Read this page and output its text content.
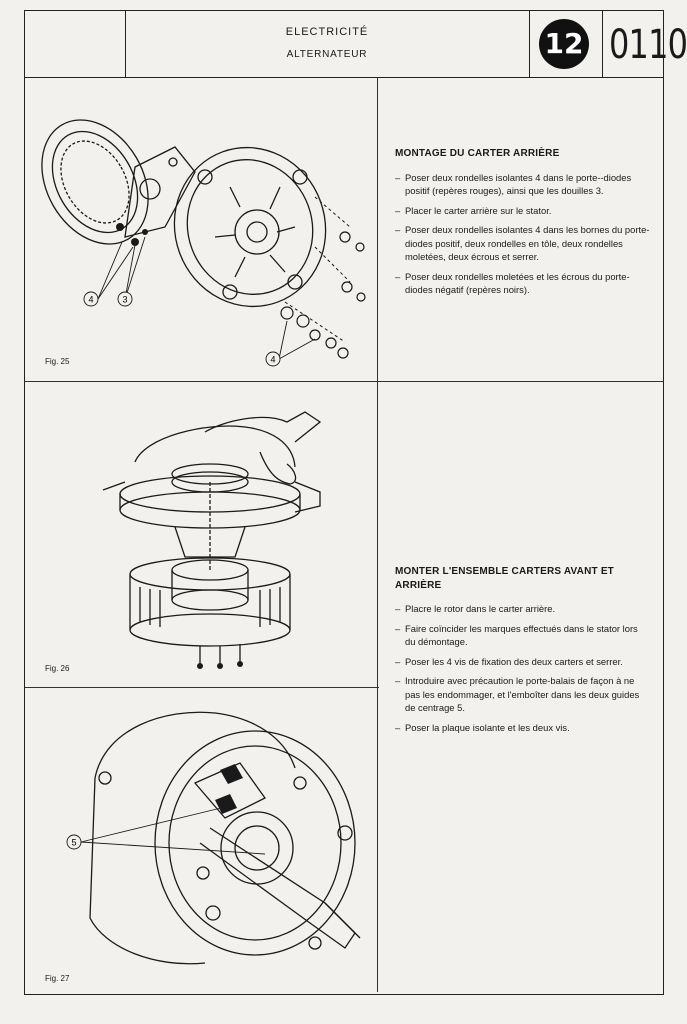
ELECTRICITÉ
ALTERNATEUR	12 0110
4	3
4
Fig. 25
Fig. 26
5
Fig. 27
MONTAGE DU CARTER ARRIÈRE
– Poser deux rondelles isolantes 4 dans le porte--diodes positif (repères rouges), ainsi que les douilles 3.
– Placer le carter arrière sur le stator.
– Poser deux rondelles isolantes 4 dans les bornes du porte-diodes positif, deux rondelles en tôle, deux rondelles moletées, deux écrous et serrer.
– Poser deux rondelles moletées et les écrous du porte-diodes négatif (repères noirs).
MONTER L'ENSEMBLE CARTERS AVANT ET ARRIÈRE
– Placre le rotor dans le carter arrière.
– Faire coïncider les marques effectués dans le stator lors du démontage.
– Poser les 4 vis de fixation des deux carters et serrer.
– Introduire avec précaution le porte-balais de façon à ne pas les endommager, et l'emboîter dans les deux guides de centrage 5.
– Poser la plaque isolante et les deux vis.
